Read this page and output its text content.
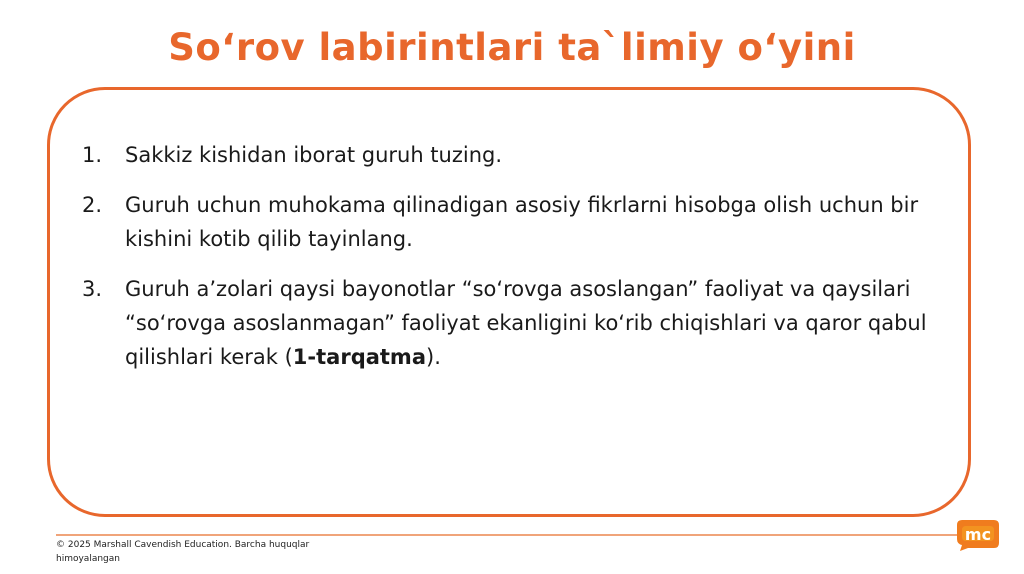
So‘rov labirintlari ta`limiy o‘yini
1. Sakkiz kishidan iborat guruh tuzing.
2. Guruh uchun muhokama qilinadigan asosiy fikrlarni hisobga olish uchun bir kishini kotib qilib tayinlang.
3. Guruh a’zolari qaysi bayonotlar “so‘rovga asoslangan” faoliyat va qaysilari “so‘rovga asoslanmagan” faoliyat ekanligini ko‘rib chiqishlari va qaror qabul qilishlari kerak (1-tarqatma).
© 2025 Marshall Cavendish Education. Barcha huquqlar himoyalangan
mc
